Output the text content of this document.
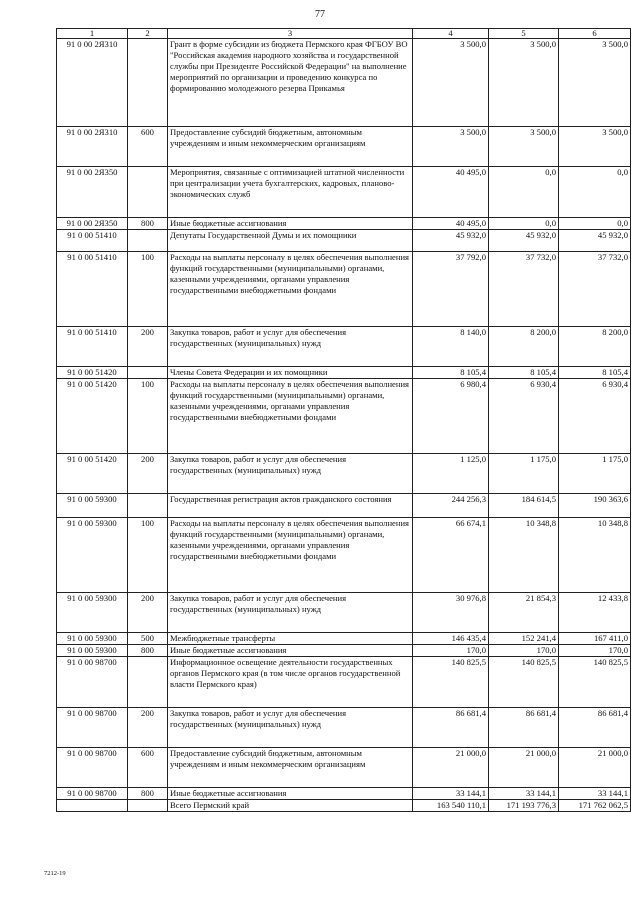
77
1	2	3	4	5	6
91 0 00 2Я310		Грант в форме субсидии из бюджета Пермского края ФГБОУ ВО "Российская академия народного хозяйства и государственной службы при Президенте Российской Федерации" на выполнение мероприятий по организации и проведению конкурса по формированию молодежного резерва Прикамья	3 500,0	3 500,0	3 500,0
91 0 00 2Я310	600	Предоставление субсидий бюджетным, автономным учреждениям и иным некоммерческим организациям	3 500,0	3 500,0	3 500,0
91 0 00 2Я350		Мероприятия, связанные с оптимизацией штатной численности при централизации учета бухгалтерских, кадровых, планово-экономических служб	40 495,0	0,0	0,0
91 0 00 2Я350	800	Иные бюджетные ассигнования	40 495,0	0,0	0,0
91 0 00 51410		Депутаты Государственной Думы и их помощники	45 932,0	45 932,0	45 932,0
91 0 00 51410	100	Расходы на выплаты персоналу в целях обеспечения выполнения функций государственными (муниципальными) органами, казенными учреждениями, органами управления государственными внебюджетными фондами	37 792,0	37 732,0	37 732,0
91 0 00 51410	200	Закупка товаров, работ и услуг для обеспечения государственных (муниципальных) нужд	8 140,0	8 200,0	8 200,0
91 0 00 51420		Члены Совета Федерации и их помощники	8 105,4	8 105,4	8 105,4
91 0 00 51420	100	Расходы на выплаты персоналу в целях обеспечения выполнения функций государственными (муниципальными) органами, казенными учреждениями, органами управления государственными внебюджетными фондами	6 980,4	6 930,4	6 930,4
91 0 00 51420	200	Закупка товаров, работ и услуг для обеспечения государственных (муниципальных) нужд	1 125,0	1 175,0	1 175,0
91 0 00 59300		Государственная регистрация актов гражданского состояния	244 256,3	184 614,5	190 363,6
91 0 00 59300	100	Расходы на выплаты персоналу в целях обеспечения выполнения функций государственными (муниципальными) органами, казенными учреждениями, органами управления государственными внебюджетными фондами	66 674,1	10 348,8	10 348,8
91 0 00 59300	200	Закупка товаров, работ и услуг для обеспечения государственных (муниципальных) нужд	30 976,8	21 854,3	12 433,8
91 0 00 59300	500	Межбюджетные трансферты	146 435,4	152 241,4	167 411,0
91 0 00 59300	800	Иные бюджетные ассигнования	170,0	170,0	170,0
91 0 00 98700		Информационное освещение деятельности государственных органов Пермского края (в том числе органов государственной власти Пермского края)	140 825,5	140 825,5	140 825,5
91 0 00 98700	200	Закупка товаров, работ и услуг для обеспечения государственных (муниципальных) нужд	86 681,4	86 681,4	86 681,4
91 0 00 98700	600	Предоставление субсидий бюджетным, автономным учреждениям и иным некоммерческим организациям	21 000,0	21 000,0	21 000,0
91 0 00 98700	800	Иные бюджетные ассигнования	33 144,1	33 144,1	33 144,1
		Всего Пермский край	163 540 110,1	171 193 776,3	171 762 062,5
7212-19
